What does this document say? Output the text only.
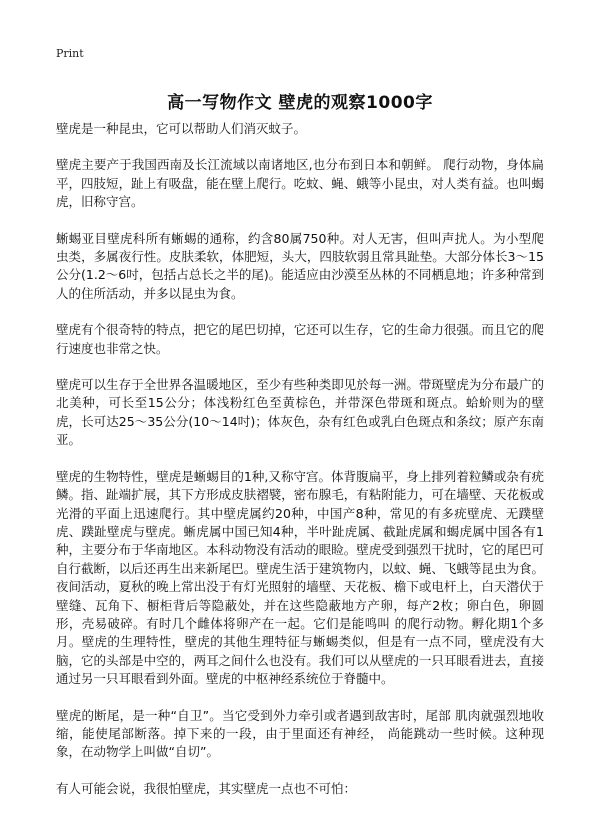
Print
高一写物作文 壁虎的观察1000字

壁虎是一种昆虫，它可以帮助人们消灭蚊子。

壁虎主要产于我国西南及长江流域以南诸地区,也分布到日本和朝鲜。 爬行动物，身体扁平，四肢短，趾上有吸盘，能在壁上爬行。吃蚊、蝇、蛾等小昆虫，对人类有益。也叫蝎虎，旧称守宫。

蜥蜴亚目壁虎科所有蜥蜴的通称，约含80属750种。对人无害，但叫声扰人。为小型爬虫类，多属夜行性。皮肤柔软，体肥短，头大，四肢软弱且常具趾垫。大部分体长3～15公分(1.2～6吋，包括占总长之半的尾)。能适应由沙漠至丛林的不同栖息地；许多种常到人的住所活动，并多以昆虫为食。

壁虎有个很奇特的特点，把它的尾巴切掉，它还可以生存，它的生命力很强。而且它的爬行速度也非常之快。

壁虎可以生存于全世界各温暖地区，至少有些种类即见於每一洲。带斑壁虎为分布最广的北美种，可长至15公分；体浅粉红色至黄棕色，并带深色带斑和斑点。蛤蚧则为的壁虎，长可达25～35公分(10～14吋)；体灰色，杂有红色或乳白色斑点和条纹；原产东南亚。

壁虎的生物特性，壁虎是蜥蜴目的1种,又称守宫。体背腹扁平，身上排列着粒鳞或杂有疣鳞。指、趾端扩展，其下方形成皮肤褶襞，密布腺毛，有粘附能力，可在墙壁、天花板或光滑的平面上迅速爬行。其中壁虎属约20种，中国产8种，常见的有多疣壁虎、无蹼壁虎、蹼趾壁虎与壁虎。蜥虎属中国已知4种，半叶趾虎属、截趾虎属和蝎虎属中国各有1种，主要分布于华南地区。本科动物没有活动的眼睑。壁虎受到强烈干扰时，它的尾巴可自行截断，以后还再生出来新尾巴。壁虎生活于建筑物内，以蚊、蝇、飞蛾等昆虫为食。夜间活动，夏秋的晚上常出没于有灯光照射的墙壁、天花板、檐下或电杆上，白天潜伏于壁缝、瓦角下、橱柜背后等隐蔽处，并在这些隐蔽地方产卵，每产2枚；卵白色，卵圆形，壳易破碎。有时几个雌体将卵产在一起。它们是能鸣叫 的爬行动物。孵化期1个多月。壁虎的生理特性，壁虎的其他生理特征与蜥蜴类似，但是有一点不同，壁虎没有大脑，它的头部是中空的，两耳之间什么也没有。我们可以从壁虎的一只耳眼看进去，直接通过另一只耳眼看到外面。壁虎的中枢神经系统位于脊髓中。

壁虎的断尾，是一种“自卫”。当它受到外力牵引或者遇到敌害时，尾部 肌肉就强烈地收缩，能使尾部断落。掉下来的一段，由于里面还有神经， 尚能跳动一些时候。这种现象，在动物学上叫做“自切”。

有人可能会说，我很怕壁虎，其实壁虎一点也不可怕：
